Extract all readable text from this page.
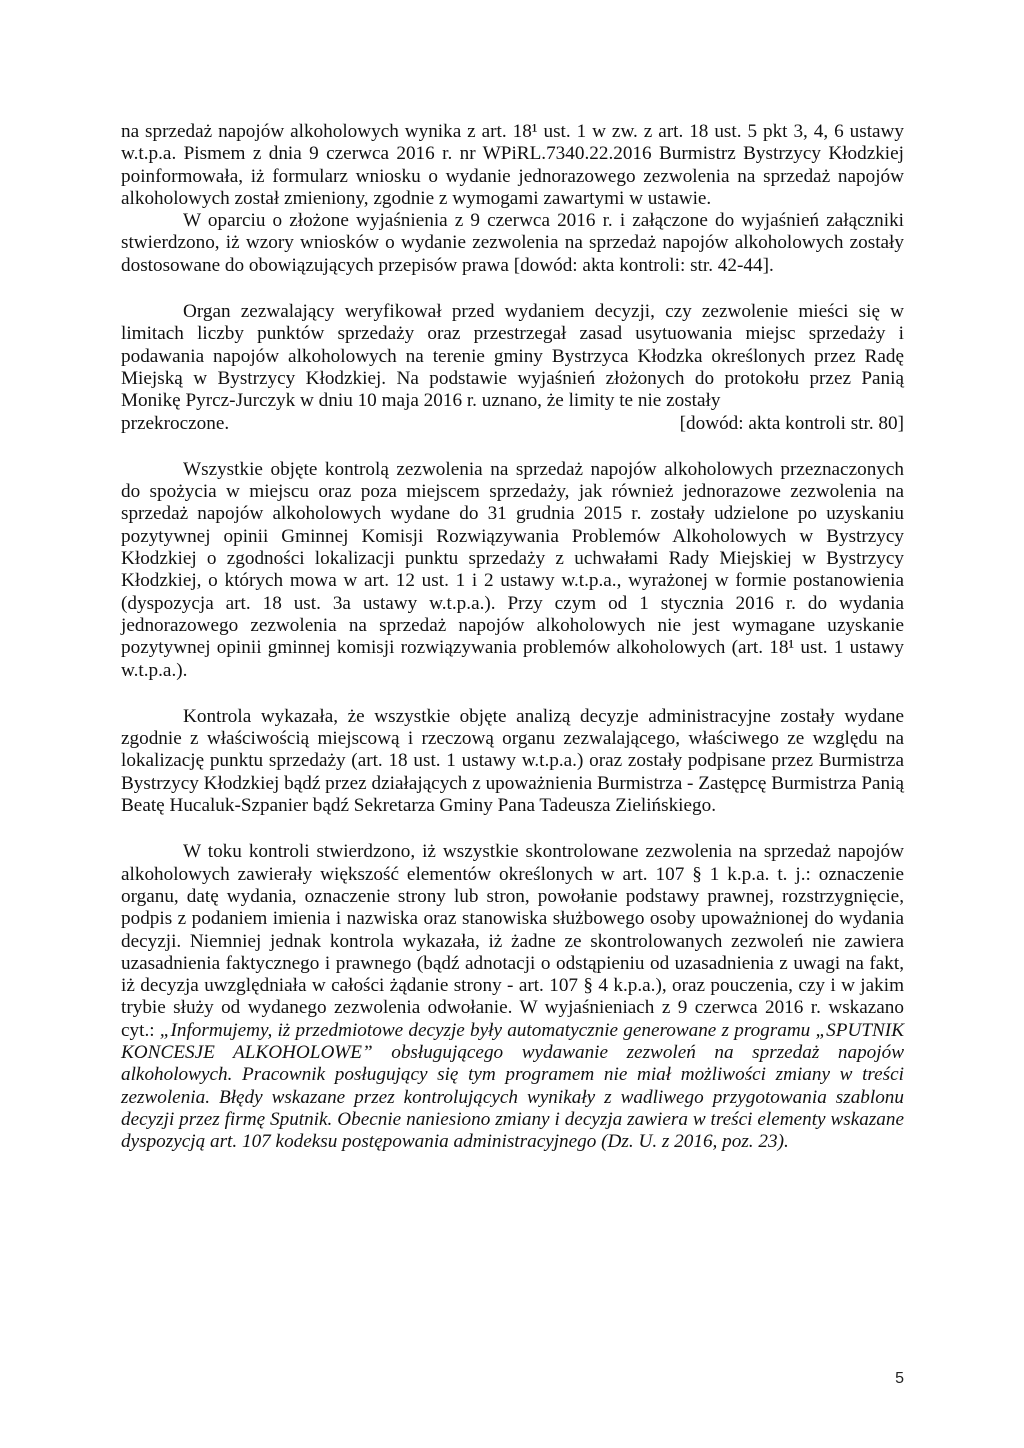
na sprzedaż napojów alkoholowych wynika z art. 18¹ ust. 1 w zw. z art. 18 ust. 5 pkt 3, 4, 6 ustawy w.t.p.a. Pismem z dnia 9 czerwca 2016 r. nr WPiRL.7340.22.2016 Burmistrz Bystrzycy Kłodzkiej poinformowała, iż formularz wniosku o wydanie jednorazowego zezwolenia na sprzedaż napojów alkoholowych został zmieniony, zgodnie z wymogami zawartymi w ustawie.

W oparciu o złożone wyjaśnienia z 9 czerwca 2016 r. i załączone do wyjaśnień załączniki stwierdzono, iż wzory wniosków o wydanie zezwolenia na sprzedaż napojów alkoholowych zostały dostosowane do obowiązujących przepisów prawa [dowód: akta kontroli: str. 42-44].

Organ zezwalający weryfikował przed wydaniem decyzji, czy zezwolenie mieści się w limitach liczby punktów sprzedaży oraz przestrzegał zasad usytuowania miejsc sprzedaży i podawania napojów alkoholowych na terenie gminy Bystrzyca Kłodzka określonych przez Radę Miejską w Bystrzycy Kłodzkiej. Na podstawie wyjaśnień złożonych do protokołu przez Panią Monikę Pyrcz-Jurczyk w dniu 10 maja 2016 r. uznano, że limity te nie zostały

przekroczone.	[dowód: akta kontroli str. 80]

Wszystkie objęte kontrolą zezwolenia na sprzedaż napojów alkoholowych przeznaczonych do spożycia w miejscu oraz poza miejscem sprzedaży, jak również jednorazowe zezwolenia na sprzedaż napojów alkoholowych wydane do 31 grudnia 2015 r. zostały udzielone po uzyskaniu pozytywnej opinii Gminnej Komisji Rozwiązywania Problemów Alkoholowych w Bystrzycy Kłodzkiej o zgodności lokalizacji punktu sprzedaży z uchwałami Rady Miejskiej w Bystrzycy Kłodzkiej, o których mowa w art. 12 ust. 1 i 2 ustawy w.t.p.a., wyrażonej w formie postanowienia (dyspozycja art. 18 ust. 3a ustawy w.t.p.a.). Przy czym od 1 stycznia 2016 r. do wydania jednorazowego zezwolenia na sprzedaż napojów alkoholowych nie jest wymagane uzyskanie pozytywnej opinii gminnej komisji rozwiązywania problemów alkoholowych (art. 18¹ ust. 1 ustawy w.t.p.a.).

Kontrola wykazała, że wszystkie objęte analizą decyzje administracyjne zostały wydane zgodnie z właściwością miejscową i rzeczową organu zezwalającego, właściwego ze względu na lokalizację punktu sprzedaży (art. 18 ust. 1 ustawy w.t.p.a.) oraz zostały podpisane przez Burmistrza Bystrzycy Kłodzkiej bądź przez działających z upoważnienia Burmistrza - Zastępcę Burmistrza Panią Beatę Hucaluk-Szpanier bądź Sekretarza Gminy Pana Tadeusza Zielińskiego.

W toku kontroli stwierdzono, iż wszystkie skontrolowane zezwolenia na sprzedaż napojów alkoholowych zawierały większość elementów określonych w art. 107 § 1 k.p.a. t. j.: oznaczenie organu, datę wydania, oznaczenie strony lub stron, powołanie podstawy prawnej, rozstrzygnięcie, podpis z podaniem imienia i nazwiska oraz stanowiska służbowego osoby upoważnionej do wydania decyzji. Niemniej jednak kontrola wykazała, iż żadne ze skontrolowanych zezwoleń nie zawiera uzasadnienia faktycznego i prawnego (bądź adnotacji o odstąpieniu od uzasadnienia z uwagi na fakt, iż decyzja uwzględniała w całości żądanie strony - art. 107 § 4 k.p.a.), oraz pouczenia, czy i w jakim trybie służy od wydanego zezwolenia odwołanie. W wyjaśnieniach z 9 czerwca 2016 r. wskazano cyt.: „Informujemy, iż przedmiotowe decyzje były automatycznie generowane z programu „SPUTNIK KONCESJE ALKOHOLOWE” obsługującego wydawanie zezwoleń na sprzedaż napojów alkoholowych. Pracownik posługujący się tym programem nie miał możliwości zmiany w treści zezwolenia. Błędy wskazane przez kontrolujących wynikały z wadliwego przygotowania szablonu decyzji przez firmę Sputnik. Obecnie naniesiono zmiany i decyzja zawiera w treści elementy wskazane dyspozycją art. 107 kodeksu postępowania administracyjnego (Dz. U. z 2016, poz. 23).

5
